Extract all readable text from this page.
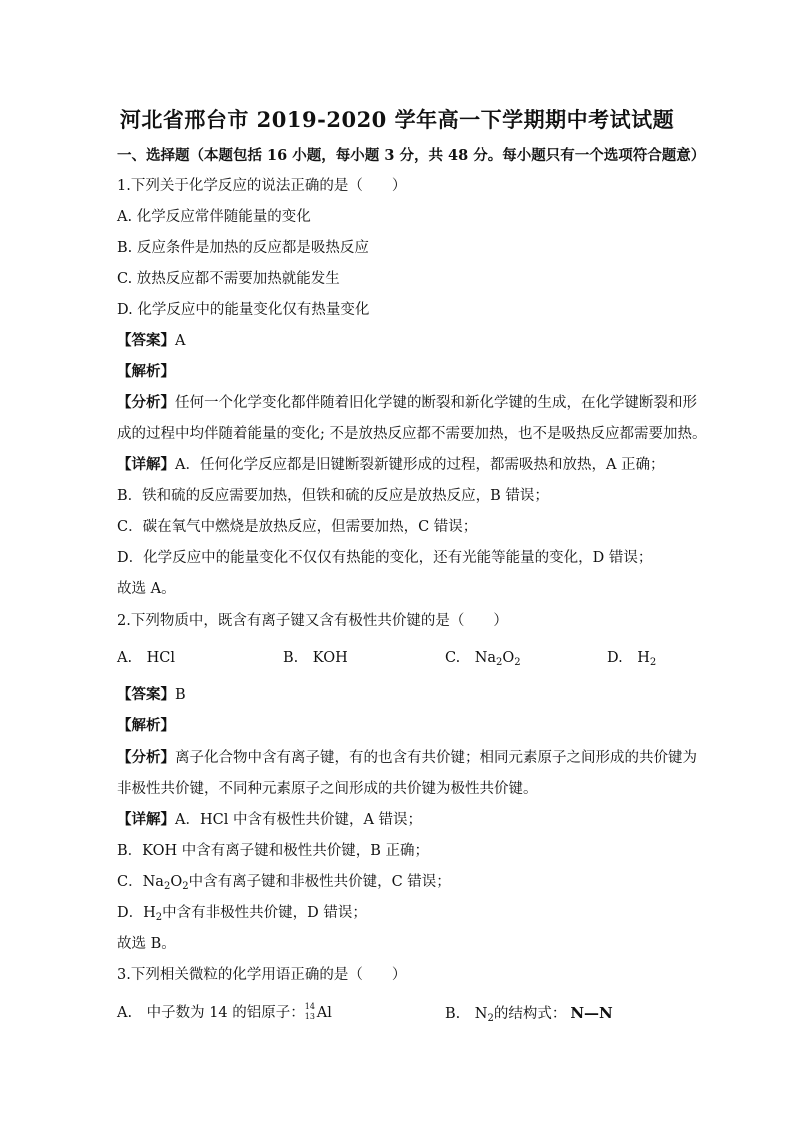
河北省邢台市 2019-2020 学年高一下学期期中考试试题
一、选择题（本题包括 16 小题，每小题 3 分，共 48 分。每小题只有一个选项符合题意）
1.下列关于化学反应的说法正确的是（　　）
A. 化学反应常伴随能量的变化
B. 反应条件是加热的反应都是吸热反应
C. 放热反应都不需要加热就能发生
D. 化学反应中的能量变化仅有热量变化
【答案】A
【解析】
【分析】任何一个化学变化都伴随着旧化学键的断裂和新化学键的生成，在化学键断裂和形
成的过程中均伴随着能量的变化; 不是放热反应都不需要加热，也不是吸热反应都需要加热。
【详解】A．任何化学反应都是旧键断裂新键形成的过程，都需吸热和放热，A 正确；
B．铁和硫的反应需要加热，但铁和硫的反应是放热反应，B 错误；
C．碳在氧气中燃烧是放热反应，但需要加热，C 错误；
D．化学反应中的能量变化不仅仅有热能的变化，还有光能等能量的变化，D 错误；
故选 A。
2.下列物质中，既含有离子键又含有极性共价键的是（　　）
A.　HCl	B.　KOH	C.　$Na_2O_2$	D.　$H_2$
【答案】B
【解析】
【分析】离子化合物中含有离子键，有的也含有共价键；相同元素原子之间形成的共价键为
非极性共价键，不同种元素原子之间形成的共价键为极性共价键。
【详解】A．HCl 中含有极性共价键，A 错误；
B．KOH 中含有离子键和极性共价键，B 正确；
C．$Na_2O_2$中含有离子键和非极性共价键，C 错误；
D．$H_2$中含有非极性共价键，D 错误；
故选 B。
3.下列相关微粒的化学用语正确的是（　　）
A.　中子数为 14 的铝原子： 14
13 Al	B.　$N_2$的结构式： N—N
